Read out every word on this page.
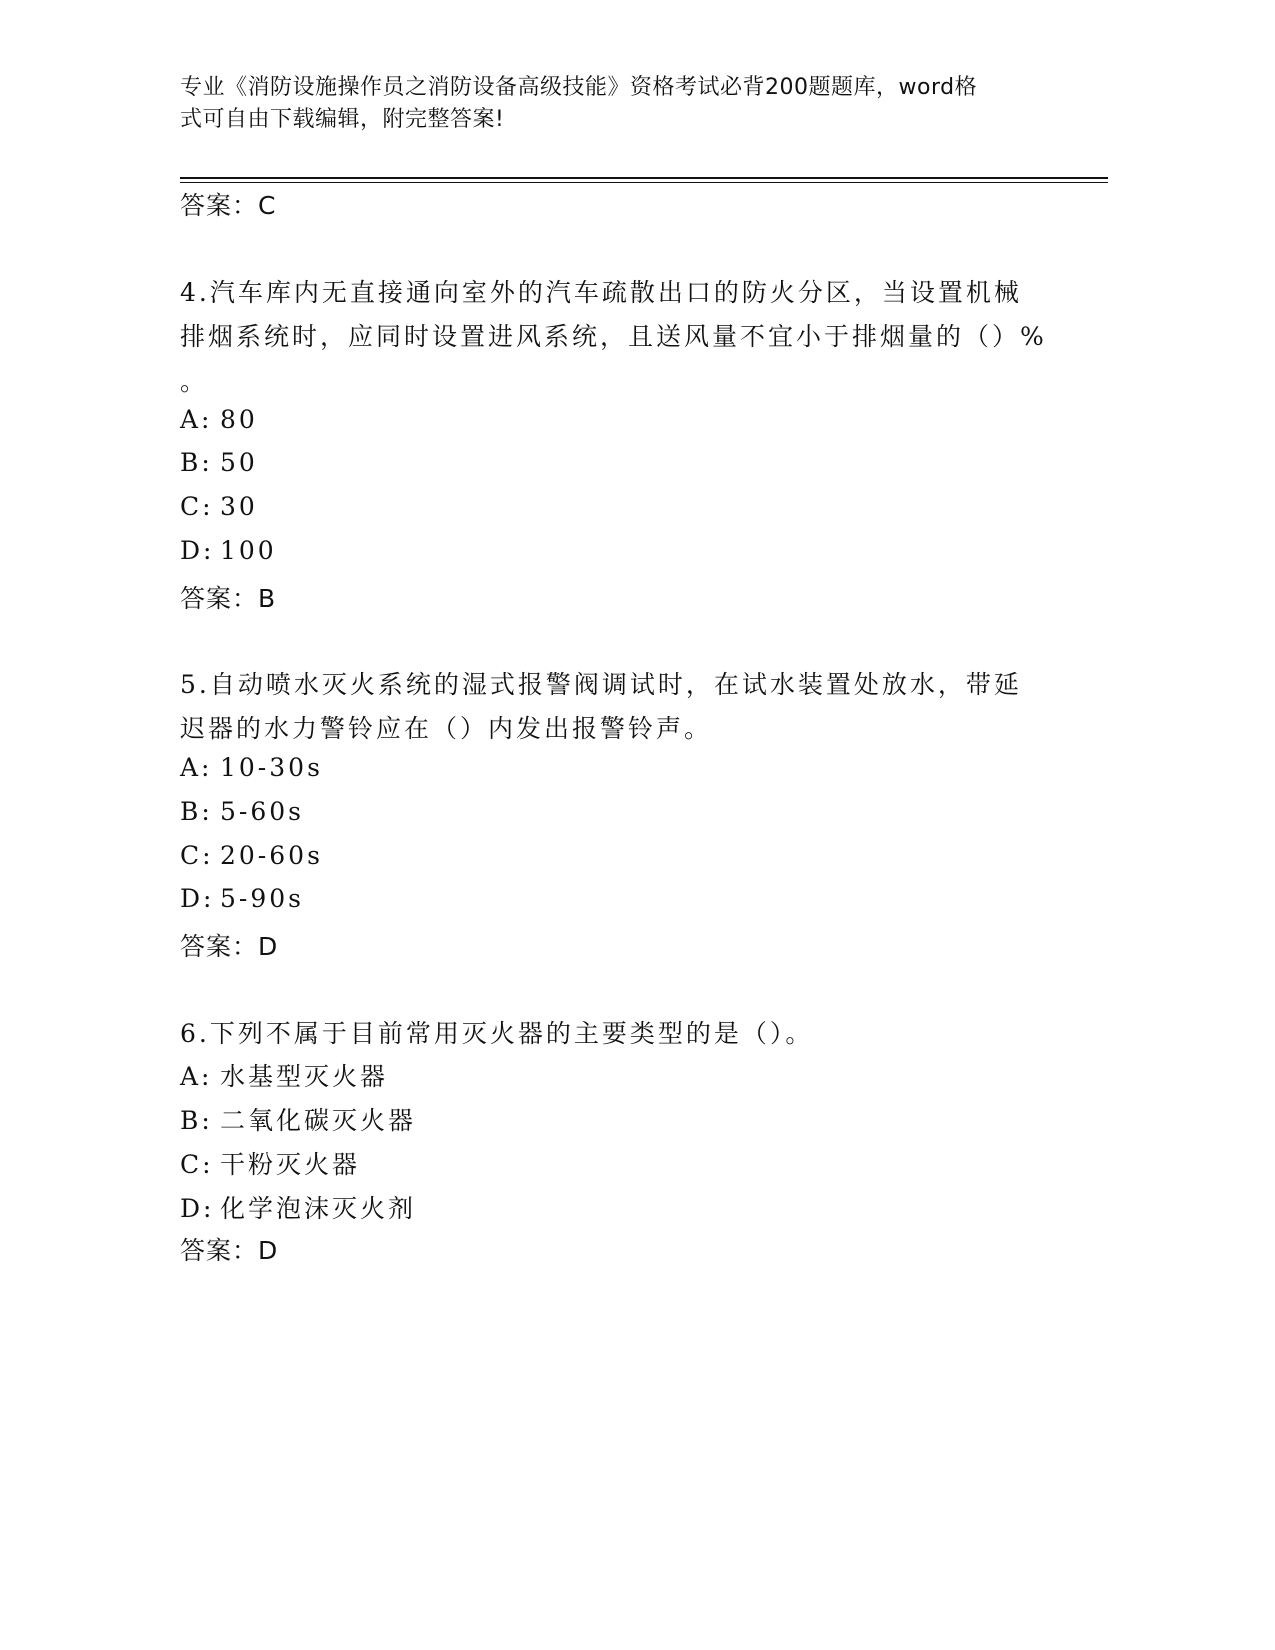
专业《消防设施操作员之消防设备高级技能》资格考试必背200题题库，word格
式可自由下载编辑，附完整答案!
答案：C
4.汽车库内无直接通向室外的汽车疏散出口的防火分区，当设置机械
排烟系统时，应同时设置进风系统，且送风量不宜小于排烟量的（）%
。
A: 80
B: 50
C: 30
D: 100
答案：B
5.自动喷水灭火系统的湿式报警阀调试时，在试水装置处放水，带延
迟器的水力警铃应在（）内发出报警铃声。
A: 10-30s
B: 5-60s
C: 20-60s
D: 5-90s
答案：D
6.下列不属于目前常用灭火器的主要类型的是（）。
A: 水基型灭火器
B: 二氧化碳灭火器
C: 干粉灭火器
D: 化学泡沫灭火剂
答案：D
